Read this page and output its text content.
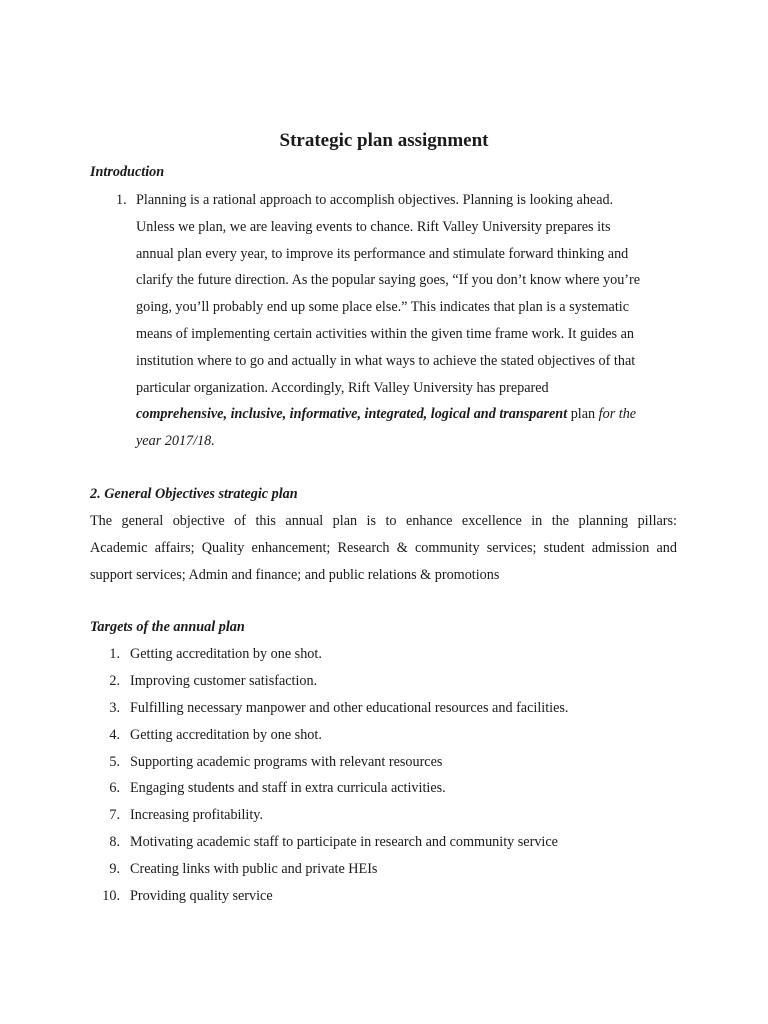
Strategic plan assignment
Introduction
1. Planning is a rational approach to accomplish objectives. Planning is looking ahead.
Unless we plan, we are leaving events to chance. Rift Valley University prepares its
annual plan every year, to improve its performance and stimulate forward thinking and
clarify the future direction. As the popular saying goes, “If you don’t know where you’re
going, you’ll probably end up some place else.” This indicates that plan is a systematic
means of implementing certain activities within the given time frame work. It guides an
institution where to go and actually in what ways to achieve the stated objectives of that
particular organization. Accordingly, Rift Valley University has prepared
comprehensive, inclusive, informative, integrated, logical and transparent plan for the
year 2017/18.
2. General Objectives strategic plan
The general objective of this annual plan is to enhance excellence in the planning pillars:
Academic affairs; Quality enhancement; Research & community services; student admission and
support services; Admin and finance; and public relations & promotions
Targets of the annual plan
1. Getting accreditation by one shot.
2. Improving customer satisfaction.
3. Fulfilling necessary manpower and other educational resources and facilities.
4. Getting accreditation by one shot.
5. Supporting academic programs with relevant resources
6. Engaging students and staff in extra curricula activities.
7. Increasing profitability.
8. Motivating academic staff to participate in research and community service
9. Creating links with public and private HEIs
10. Providing quality service
